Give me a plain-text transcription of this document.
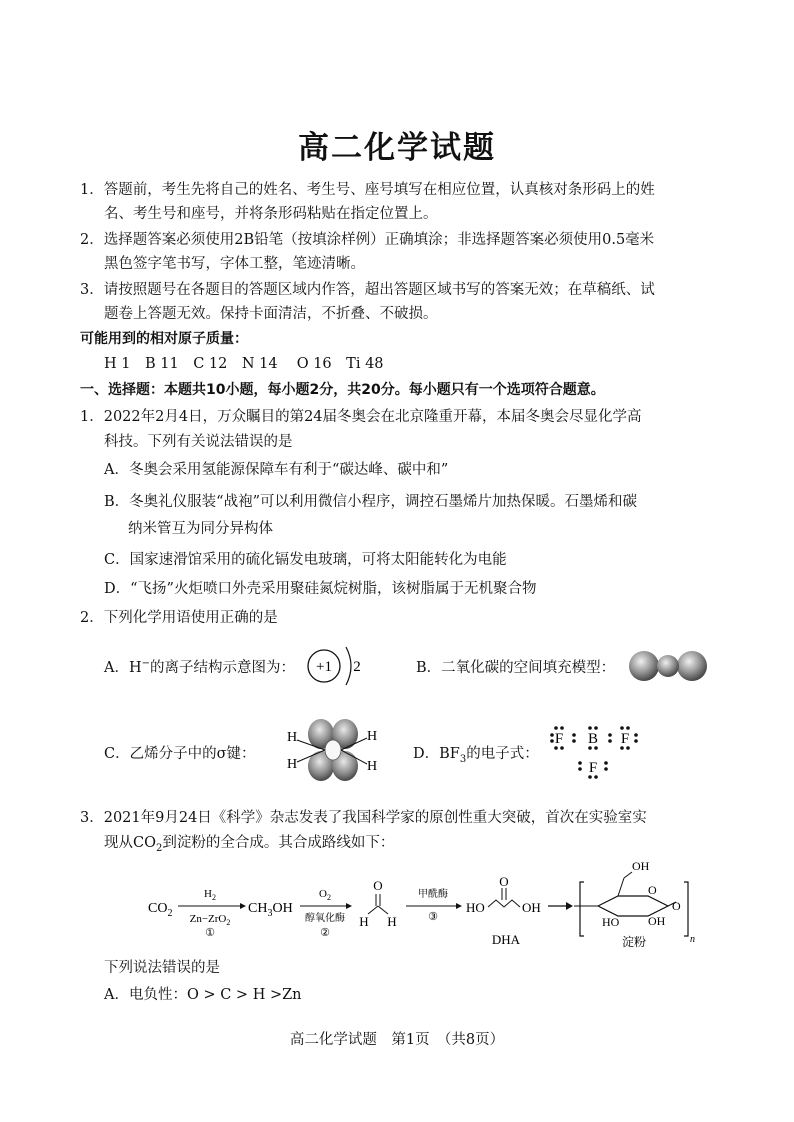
高二化学试题
1．答题前，考生先将自己的姓名、考生号、座号填写在相应位置，认真核对条形码上的姓
名、考生号和座号，并将条形码粘贴在指定位置上。
2．选择题答案必须使用2B铅笔（按填涂样例）正确填涂；非选择题答案必须使用0.5毫米
黑色签字笔书写，字体工整，笔迹清晰。
3．请按照题号在各题目的答题区域内作答，超出答题区域书写的答案无效；在草稿纸、试
题卷上答题无效。保持卡面清洁，不折叠、不破损。
可能用到的相对原子质量：
H 1　B 11　C 12　N 14　 O 16　Ti 48
一、选择题：本题共10小题，每小题2分，共20分。每小题只有一个选项符合题意。
1．2022年2月4日，万众瞩目的第24届冬奥会在北京隆重开幕，本届冬奥会尽显化学高
科技。下列有关说法错误的是
A．冬奥会采用氢能源保障车有利于“碳达峰、碳中和”
B．冬奥礼仪服装“战袍”可以利用微信小程序，调控石墨烯片加热保暖。石墨烯和碳
纳米管互为同分异构体
C．国家速滑馆采用的硫化镉发电玻璃，可将太阳能转化为电能
D．“飞扬”火炬喷口外壳采用聚硅氮烷树脂，该树脂属于无机聚合物
2．下列化学用语使用正确的是
A．H−的离子结构示意图为： +1 2	B．二氧化碳的空间填充模型：
C．乙烯分子中的σ键：
H
H
H
H
D．$BF_3$的电子式：
F B F
F
3．2021年9月24日《科学》杂志发表了我国科学家的原创性重大突破，首次在实验室实
现从$CO_2$到淀粉的全合成。其合成路线如下：
$CO_2$
$H_2$
Zn−ZrO$_2$
①
$CH_3OH$
$O_2$
醇氧化酶
②
O
H H
甲酰酶
③
HO
O
OH
DHA
OH
HO OH
O
O
n
淀粉
下列说法错误的是
A．电负性：O > C > H >Zn
高二化学试题　第1页　（共8页）
